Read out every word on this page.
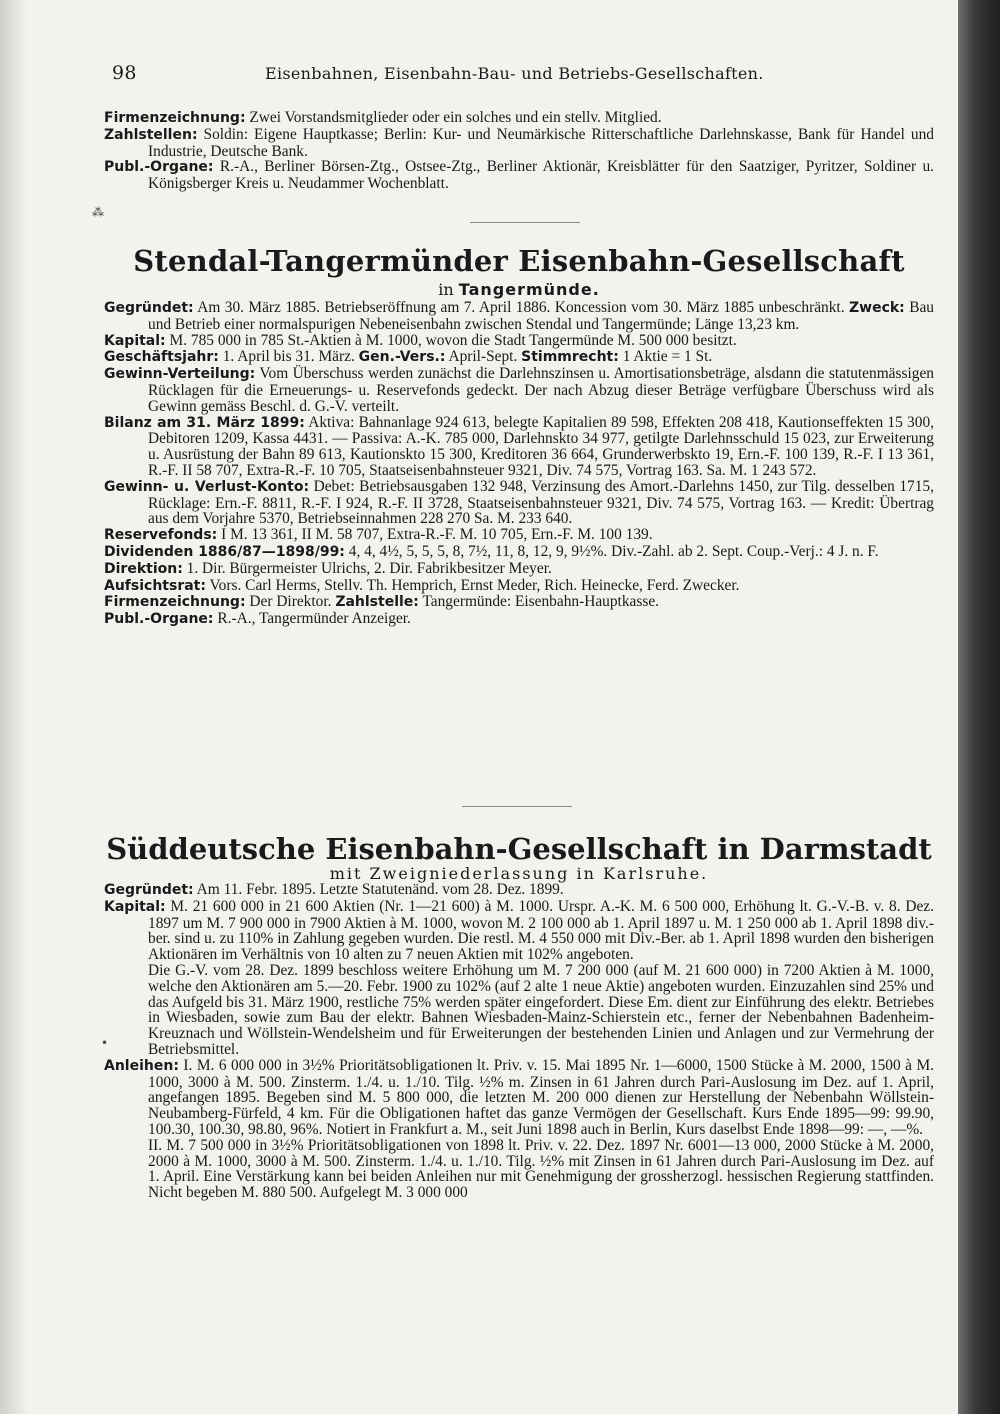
98	Eisenbahnen, Eisenbahn-Bau- und Betriebs-Gesellschaften.

Firmenzeichnung: Zwei Vorstandsmitglieder oder ein solches und ein stellv. Mitglied.

Zahlstellen: Soldin: Eigene Hauptkasse; Berlin: Kur- und Neumärkische Ritterschaftliche Darlehnskasse, Bank für Handel und Industrie, Deutsche Bank.

Publ.-Organe: R.-A., Berliner Börsen-Ztg., Ostsee-Ztg., Berliner Aktionär, Kreisblätter für den Saatziger, Pyritzer, Soldiner u. Königsberger Kreis u. Neudammer Wochenblatt.

⁂
Stendal-Tangermünder Eisenbahn-Gesellschaft
in Tangermünde.

Gegründet: Am 30. März 1885. Betriebseröffnung am 7. April 1886. Koncession vom 30. März 1885 unbeschränkt. Zweck: Bau und Betrieb einer normalspurigen Nebeneisenbahn zwischen Stendal und Tangermünde; Länge 13,23 km.

Kapital: M. 785 000 in 785 St.-Aktien à M. 1000, wovon die Stadt Tangermünde M. 500 000 besitzt.

Geschäftsjahr: 1. April bis 31. März. Gen.-Vers.: April-Sept. Stimmrecht: 1 Aktie = 1 St.

Gewinn-Verteilung: Vom Überschuss werden zunächst die Darlehnszinsen u. Amortisationsbeträge, alsdann die statutenmässigen Rücklagen für die Erneuerungs- u. Reservefonds gedeckt. Der nach Abzug dieser Beträge verfügbare Überschuss wird als Gewinn gemäss Beschl. d. G.-V. verteilt.

Bilanz am 31. März 1899: Aktiva: Bahnanlage 924 613, belegte Kapitalien 89 598, Effekten 208 418, Kautionseffekten 15 300, Debitoren 1209, Kassa 4431. — Passiva: A.-K. 785 000, Darlehnskto 34 977, getilgte Darlehnsschuld 15 023, zur Erweiterung u. Ausrüstung der Bahn 89 613, Kautionskto 15 300, Kreditoren 36 664, Grunderwerbskto 19, Ern.-F. 100 139, R.-F. I 13 361, R.-F. II 58 707, Extra-R.-F. 10 705, Staatseisenbahnsteuer 9321, Div. 74 575, Vortrag 163. Sa. M. 1 243 572.

Gewinn- u. Verlust-Konto: Debet: Betriebsausgaben 132 948, Verzinsung des Amort.-Darlehns 1450, zur Tilg. desselben 1715, Rücklage: Ern.-F. 8811, R.-F. I 924, R.-F. II 3728, Staatseisenbahnsteuer 9321, Div. 74 575, Vortrag 163. — Kredit: Übertrag aus dem Vorjahre 5370, Betriebseinnahmen 228 270 Sa. M. 233 640.

Reservefonds: I M. 13 361, II M. 58 707, Extra-R.-F. M. 10 705, Ern.-F. M. 100 139.

Dividenden 1886/87—1898/99: 4, 4, 4½, 5, 5, 5, 8, 7½, 11, 8, 12, 9, 9½%. Div.-Zahl. ab 2. Sept. Coup.-Verj.: 4 J. n. F.

Direktion: 1. Dir. Bürgermeister Ulrichs, 2. Dir. Fabrikbesitzer Meyer.

Aufsichtsrat: Vors. Carl Herms, Stellv. Th. Hemprich, Ernst Meder, Rich. Heinecke, Ferd. Zwecker.

Firmenzeichnung: Der Direktor. Zahlstelle: Tangermünde: Eisenbahn-Hauptkasse.

Publ.-Organe: R.-A., Tangermünder Anzeiger.

Süddeutsche Eisenbahn-Gesellschaft in Darmstadt
mit Zweigniederlassung in Karlsruhe.

Gegründet: Am 11. Febr. 1895. Letzte Statutenänd. vom 28. Dez. 1899.

Kapital: M. 21 600 000 in 21 600 Aktien (Nr. 1—21 600) à M. 1000. Urspr. A.-K. M. 6 500 000, Erhöhung lt. G.-V.-B. v. 8. Dez. 1897 um M. 7 900 000 in 7900 Aktien à M. 1000, wovon M. 2 100 000 ab 1. April 1897 u. M. 1 250 000 ab 1. April 1898 div.-ber. sind u. zu 110% in Zahlung gegeben wurden. Die restl. M. 4 550 000 mit Div.-Ber. ab 1. April 1898 wurden den bisherigen Aktionären im Verhältnis von 10 alten zu 7 neuen Aktien mit 102% angeboten.

Die G.-V. vom 28. Dez. 1899 beschloss weitere Erhöhung um M. 7 200 000 (auf M. 21 600 000) in 7200 Aktien à M. 1000, welche den Aktionären am 5.—20. Febr. 1900 zu 102% (auf 2 alte 1 neue Aktie) angeboten wurden. Einzuzahlen sind 25% und das Aufgeld bis 31. März 1900, restliche 75% werden später eingefordert. Diese Em. dient zur Einführung des elektr. Betriebes in Wiesbaden, sowie zum Bau der elektr. Bahnen Wiesbaden-Mainz-Schierstein etc., ferner der Nebenbahnen Badenheim-Kreuznach und Wöllstein-Wendelsheim und für Erweiterungen der bestehenden Linien und Anlagen und zur Vermehrung der Betriebsmittel.

Anleihen: I. M. 6 000 000 in 3½% Prioritätsobligationen lt. Priv. v. 15. Mai 1895 Nr. 1—6000, 1500 Stücke à M. 2000, 1500 à M. 1000, 3000 à M. 500. Zinsterm. 1./4. u. 1./10. Tilg. ½% m. Zinsen in 61 Jahren durch Pari-Auslosung im Dez. auf 1. April, angefangen 1895. Begeben sind M. 5 800 000, die letzten M. 200 000 dienen zur Herstellung der Nebenbahn Wöllstein-Neubamberg-Fürfeld, 4 km. Für die Obligationen haftet das ganze Vermögen der Gesellschaft. Kurs Ende 1895—99: 99.90, 100.30, 100.30, 98.80, 96%. Notiert in Frankfurt a. M., seit Juni 1898 auch in Berlin, Kurs daselbst Ende 1898—99: —, —%.

II. M. 7 500 000 in 3½% Prioritätsobligationen von 1898 lt. Priv. v. 22. Dez. 1897 Nr. 6001—13 000, 2000 Stücke à M. 2000, 2000 à M. 1000, 3000 à M. 500. Zinsterm. 1./4. u. 1./10. Tilg. ½% mit Zinsen in 61 Jahren durch Pari-Auslosung im Dez. auf 1. April. Eine Verstärkung kann bei beiden Anleihen nur mit Genehmigung der grossherzogl. hessischen Regierung stattfinden. Nicht begeben M. 880 500. Aufgelegt M. 3 000 000

•
